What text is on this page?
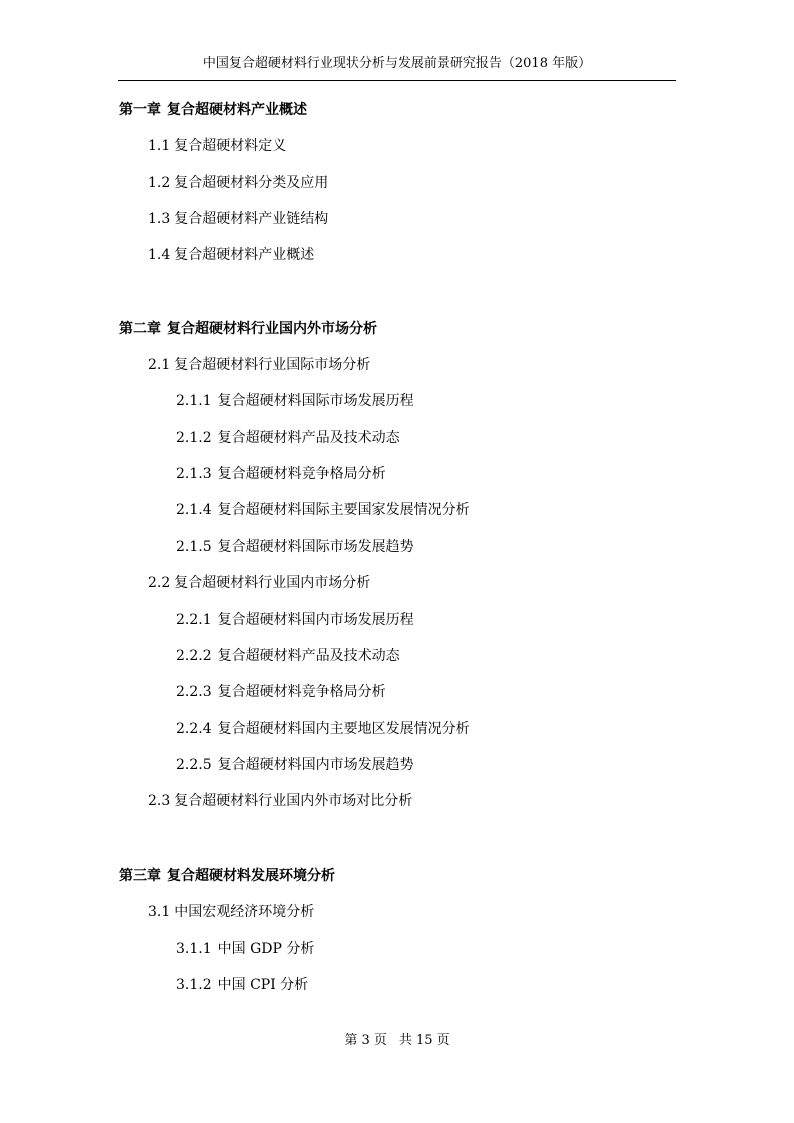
中国复合超硬材料行业现状分析与发展前景研究报告（2018 年版）
第一章 复合超硬材料产业概述
1.1 复合超硬材料定义
1.2 复合超硬材料分类及应用
1.3 复合超硬材料产业链结构
1.4 复合超硬材料产业概述
第二章 复合超硬材料行业国内外市场分析
2.1 复合超硬材料行业国际市场分析
2.1.1 复合超硬材料国际市场发展历程
2.1.2 复合超硬材料产品及技术动态
2.1.3 复合超硬材料竞争格局分析
2.1.4 复合超硬材料国际主要国家发展情况分析
2.1.5 复合超硬材料国际市场发展趋势
2.2 复合超硬材料行业国内市场分析
2.2.1 复合超硬材料国内市场发展历程
2.2.2 复合超硬材料产品及技术动态
2.2.3 复合超硬材料竞争格局分析
2.2.4 复合超硬材料国内主要地区发展情况分析
2.2.5 复合超硬材料国内市场发展趋势
2.3 复合超硬材料行业国内外市场对比分析
第三章 复合超硬材料发展环境分析
3.1 中国宏观经济环境分析
3.1.1 中国 GDP 分析
3.1.2 中国 CPI 分析
第 3 页 共 15 页
